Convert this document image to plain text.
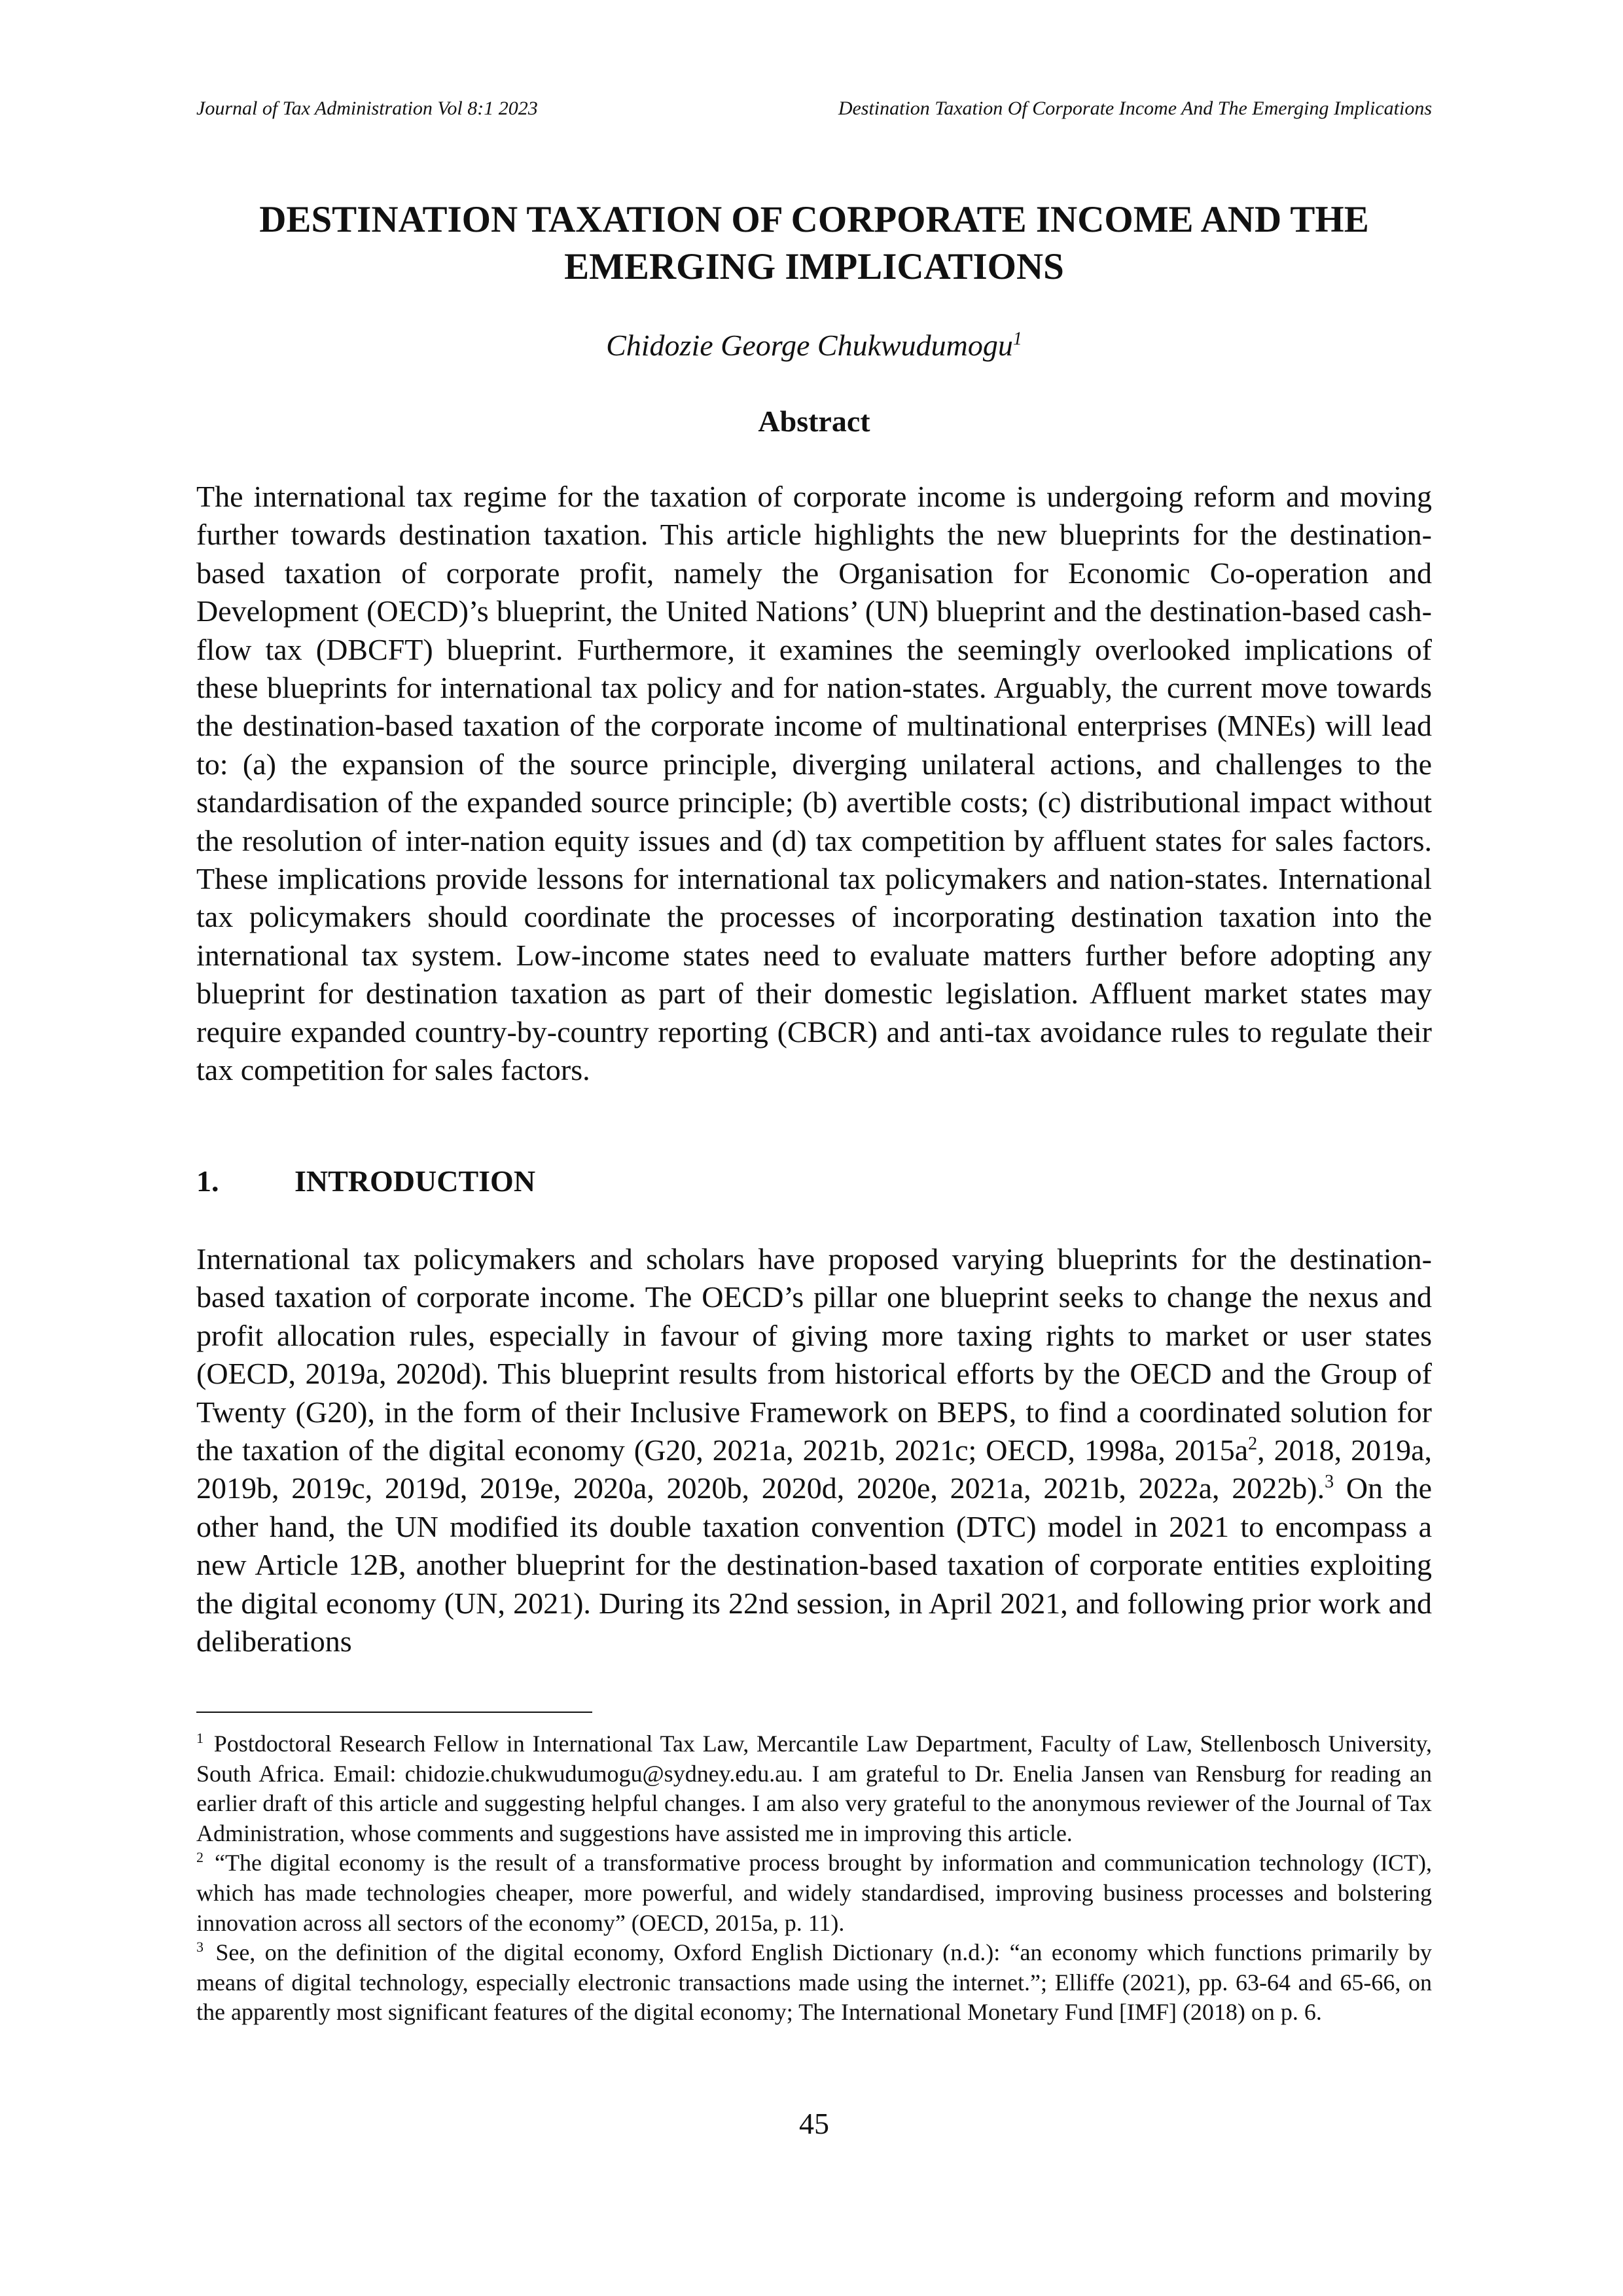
Journal of Tax Administration Vol 8:1 2023	Destination Taxation Of Corporate Income And The Emerging Implications
DESTINATION TAXATION OF CORPORATE INCOME AND THE
EMERGING IMPLICATIONS
Chidozie George Chukwudumogu$^1$
Abstract

The international tax regime for the taxation of corporate income is undergoing reform and moving further towards destination taxation. This article highlights the new blueprints for the destination-based taxation of corporate profit, namely the Organisation for Economic Co-operation and Development (OECD)’s blueprint, the United Nations’ (UN) blueprint and the destination-based cash-flow tax (DBCFT) blueprint. Furthermore, it examines the seemingly overlooked implications of these blueprints for international tax policy and for nation-states. Arguably, the current move towards the destination-based taxation of the corporate income of multinational enterprises (MNEs) will lead to: (a) the expansion of the source principle, diverging unilateral actions, and challenges to the standardisation of the expanded source principle; (b) avertible costs; (c) distributional impact without the resolution of inter-nation equity issues and (d) tax competition by affluent states for sales factors. These implications provide lessons for international tax policymakers and nation-states. International tax policymakers should coordinate the processes of incorporating destination taxation into the international tax system. Low-income states need to evaluate matters further before adopting any blueprint for destination taxation as part of their domestic legislation. Affluent market states may require expanded country-by-country reporting (CBCR) and anti-tax avoidance rules to regulate their tax competition for sales factors.

1.	INTRODUCTION

International tax policymakers and scholars have proposed varying blueprints for the destination-based taxation of corporate income. The OECD’s pillar one blueprint seeks to change the nexus and profit allocation rules, especially in favour of giving more taxing rights to market or user states (OECD, 2019a, 2020d). This blueprint results from historical efforts by the OECD and the Group of Twenty (G20), in the form of their Inclusive Framework on BEPS, to find a coordinated solution for the taxation of the digital economy (G20, 2021a, 2021b, 2021c; OECD, 1998a, $2015a^2$, 2018, 2019a, 2019b, 2019c, 2019d, 2019e, 2020a, 2020b, 2020d, 2020e, 2021a, 2021b, 2022a, 2022b).$^3$ On the other hand, the UN modified its double taxation convention (DTC) model in 2021 to encompass a new Article 12B, another blueprint for the destination-based taxation of corporate entities exploiting the digital economy (UN, 2021). During its 22nd session, in April 2021, and following prior work and deliberations

$^1$ Postdoctoral Research Fellow in International Tax Law, Mercantile Law Department, Faculty of Law, Stellenbosch University, South Africa. Email: chidozie.chukwudumogu@sydney.edu.au. I am grateful to Dr. Enelia Jansen van Rensburg for reading an earlier draft of this article and suggesting helpful changes. I am also very grateful to the anonymous reviewer of the Journal of Tax Administration, whose comments and suggestions have assisted me in improving this article.

$^2$ “The digital economy is the result of a transformative process brought by information and communication technology (ICT), which has made technologies cheaper, more powerful, and widely standardised, improving business processes and bolstering innovation across all sectors of the economy” (OECD, 2015a, p. 11).

$^3$ See, on the definition of the digital economy, Oxford English Dictionary (n.d.): “an economy which functions primarily by means of digital technology, especially electronic transactions made using the internet.”; Elliffe (2021), pp. 63-64 and 65-66, on the apparently most significant features of the digital economy; The International Monetary Fund [IMF] (2018) on p. 6.

45
